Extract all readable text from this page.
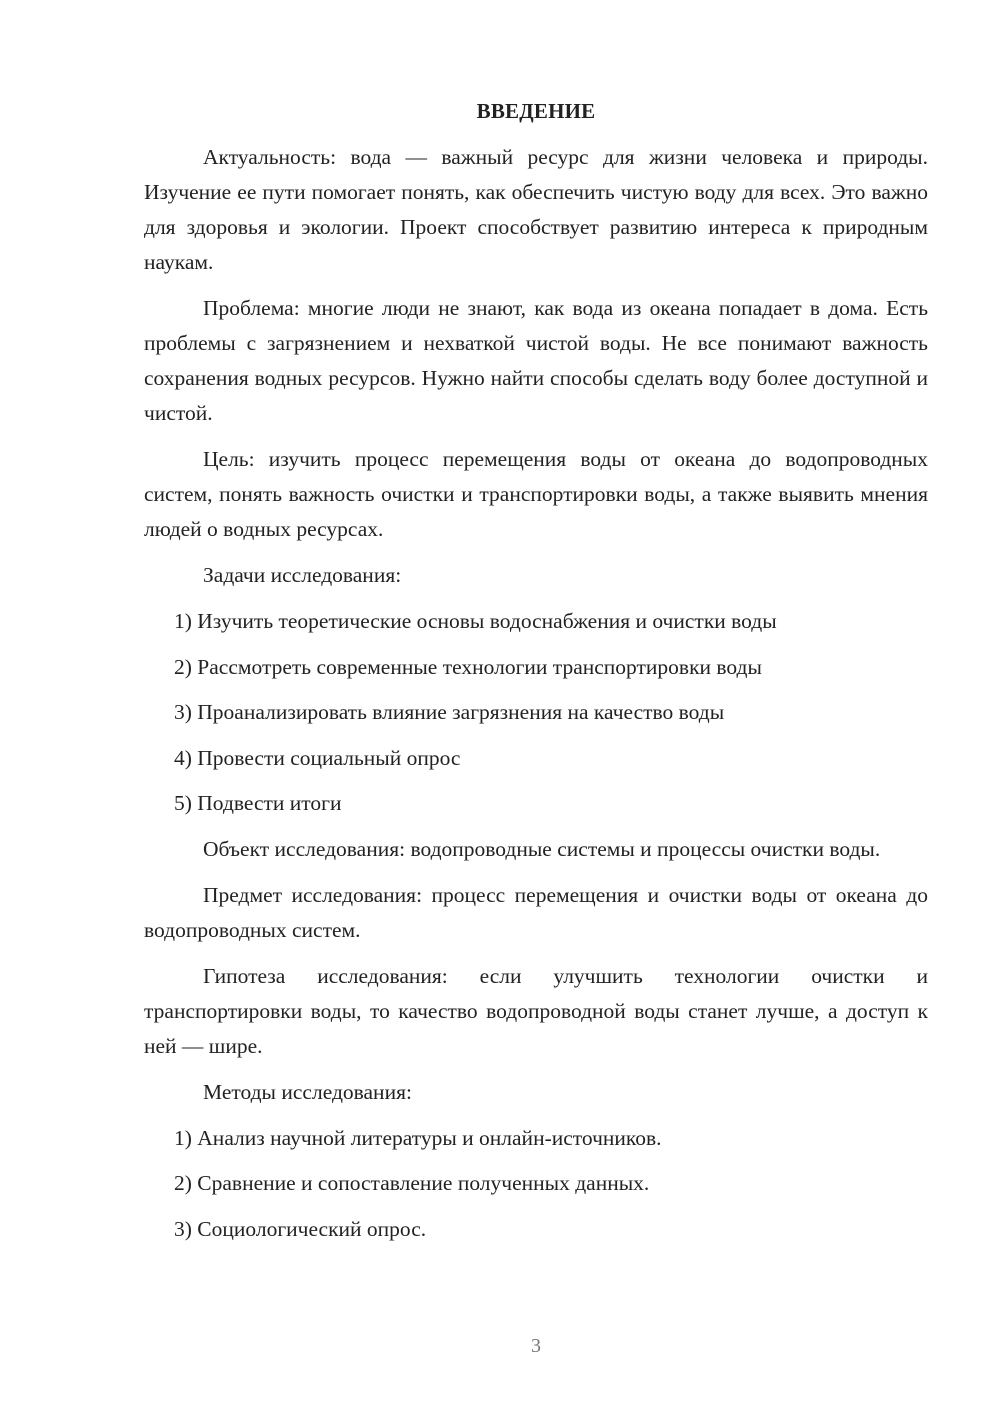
ВВЕДЕНИЕ
Актуальность: вода — важный ресурс для жизни человека и природы. Изучение ее пути помогает понять, как обеспечить чистую воду для всех. Это важно для здоровья и экологии. Проект способствует развитию интереса к природным наукам.
Проблема: многие люди не знают, как вода из океана попадает в дома. Есть проблемы с загрязнением и нехваткой чистой воды. Не все понимают важность сохранения водных ресурсов. Нужно найти способы сделать воду более доступной и чистой.
Цель: изучить процесс перемещения воды от океана до водопроводных систем, понять важность очистки и транспортировки воды, а также выявить мнения людей о водных ресурсах.
Задачи исследования:
1) Изучить теоретические основы водоснабжения и очистки воды
2) Рассмотреть современные технологии транспортировки воды
3) Проанализировать влияние загрязнения на качество воды
4) Провести социальный опрос
5) Подвести итоги
Объект исследования: водопроводные системы и процессы очистки воды.
Предмет исследования: процесс перемещения и очистки воды от океана до водопроводных систем.
Гипотеза исследования: если улучшить технологии очистки и транспортировки воды, то качество водопроводной воды станет лучше, а доступ к ней — шире.
Методы исследования:
1) Анализ научной литературы и онлайн-источников.
2) Сравнение и сопоставление полученных данных.
3) Социологический опрос.
3
